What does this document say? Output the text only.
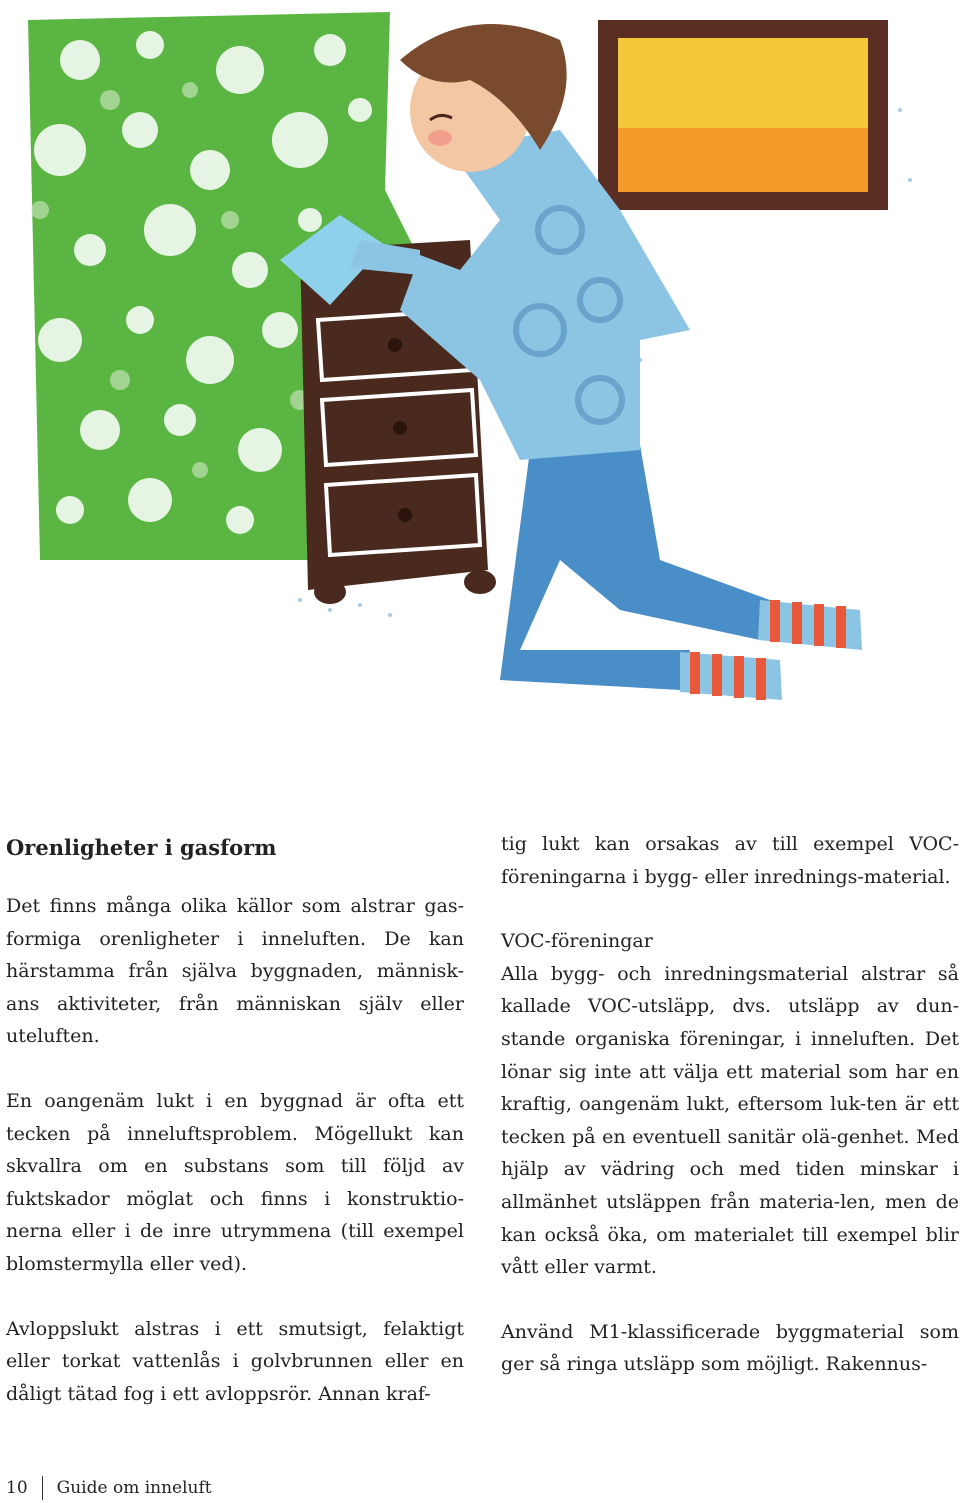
Orenligheter i gasform

Det finns många olika källor som alstrar gas-formiga orenligheter i inneluften. De kan härstamma från själva byggnaden, människ-ans aktiviteter, från människan själv eller uteluften.

En oangenäm lukt i en byggnad är ofta ett tecken på inneluftsproblem. Mögellukt kan skvallra om en substans som till följd av fuktskador möglat och finns i konstruktio-nerna eller i de inre utrymmena (till exempel blomstermylla eller ved).

Avloppslukt alstras i ett smutsigt, felaktigt eller torkat vattenlås i golvbrunnen eller en dåligt tätad fog i ett avloppsrör. Annan kraf-

tig lukt kan orsakas av till exempel VOC-föreningarna i bygg- eller inrednings-material.

VOC-föreningar
Alla bygg- och inredningsmaterial alstrar så kallade VOC-utsläpp, dvs. utsläpp av dun-stande organiska föreningar, i inneluften. Det lönar sig inte att välja ett material som har en kraftig, oangenäm lukt, eftersom luk-ten är ett tecken på en eventuell sanitär olä-genhet. Med hjälp av vädring och med tiden minskar i allmänhet utsläppen från materia-len, men de kan också öka, om materialet till exempel blir vått eller varmt.

Använd M1-klassificerade byggmaterial som ger så ringa utsläpp som möjligt. Rakennus-

10 Guide om inneluft
